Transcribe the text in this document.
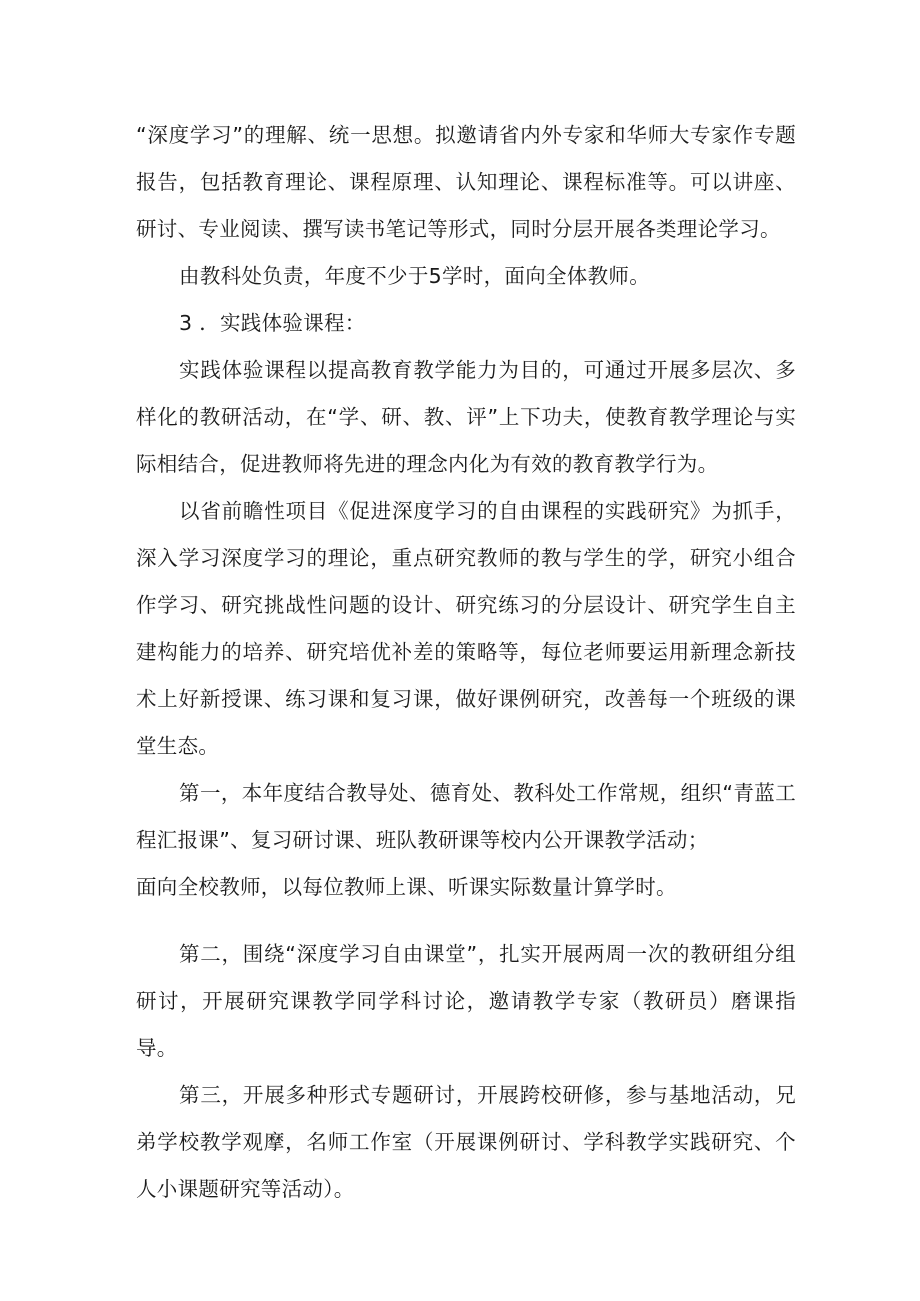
“深度学习”的理解、统一思想。拟邀请省内外专家和华师大专家作专题报告，包括教育理论、课程原理、认知理论、课程标准等。可以讲座、研讨、专业阅读、撰写读书笔记等形式，同时分层开展各类理论学习。

由教科处负责，年度不少于5学时，面向全体教师。

3 ．实践体验课程：

实践体验课程以提高教育教学能力为目的，可通过开展多层次、多样化的教研活动，在“学、研、教、评”上下功夫，使教育教学理论与实际相结合，促进教师将先进的理念内化为有效的教育教学行为。

以省前瞻性项目《促进深度学习的自由课程的实践研究》为抓手，深入学习深度学习的理论，重点研究教师的教与学生的学，研究小组合作学习、研究挑战性问题的设计、研究练习的分层设计、研究学生自主建构能力的培养、研究培优补差的策略等，每位老师要运用新理念新技术上好新授课、练习课和复习课，做好课例研究，改善每一个班级的课堂生态。

第一，本年度结合教导处、德育处、教科处工作常规，组织“青蓝工程汇报课”、复习研讨课、班队教研课等校内公开课教学活动；

面向全校教师，以每位教师上课、听课实际数量计算学时。

第二，围绕“深度学习自由课堂”，扎实开展两周一次的教研组分组研讨，开展研究课教学同学科讨论，邀请教学专家（教研员）磨课指导。

第三，开展多种形式专题研讨，开展跨校研修，参与基地活动，兄弟学校教学观摩，名师工作室（开展课例研讨、学科教学实践研究、个人小课题研究等活动）。
